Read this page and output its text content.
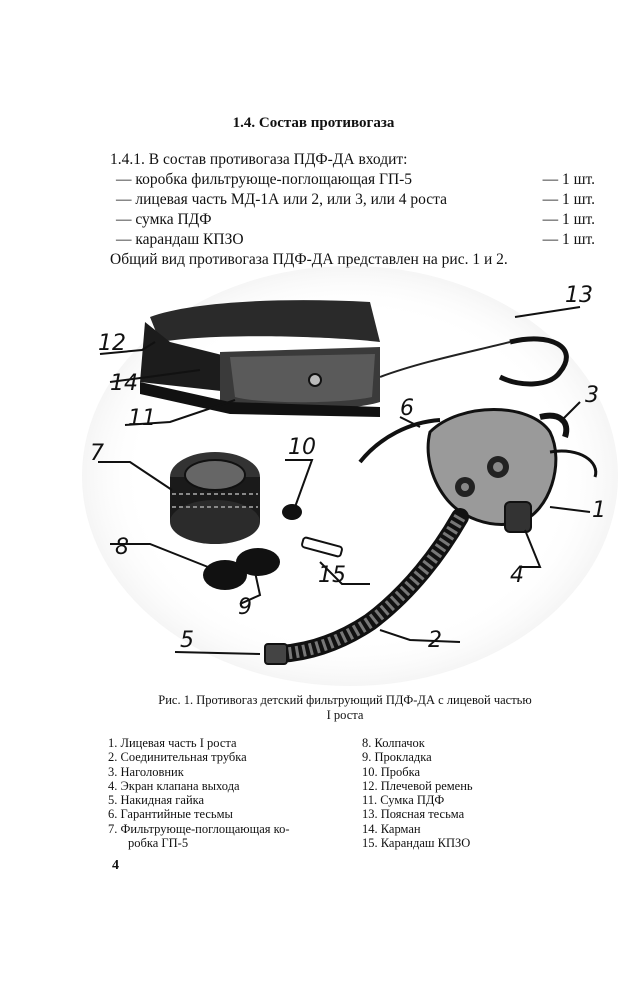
1.4. Состав противогаза
1.4.1. В состав противогаза ПДФ-ДА входит:
— коробка фильтрующе-поглощающая ГП-5	— 1 шт.
— лицевая часть МД-1А или 2, или 3, или 4 роста	— 1 шт.
— сумка ПДФ	— 1 шт.
— карандаш КПЗО	— 1 шт.
Общий вид противогаза ПДФ-ДА представлен на рис. 1 и 2.
1
2
3
4
5
6
7
8
9
10
11
12
13
14
15
Рис. 1. Противогаз детский фильтрующий ПДФ-ДА с лицевой частью
I роста
1. Лицевая часть I роста
2. Соединительная трубка
3. Наголовник
4. Экран клапана выхода
5. Накидная гайка
6. Гарантийные тесьмы
7. Фильтрующе-поглощающая ко-
робка ГП-5
8. Колпачок
9. Прокладка
10. Пробка
12. Плечевой ремень
11. Сумка ПДФ
13. Поясная тесьма
14. Карман
15. Карандаш КПЗО
4
